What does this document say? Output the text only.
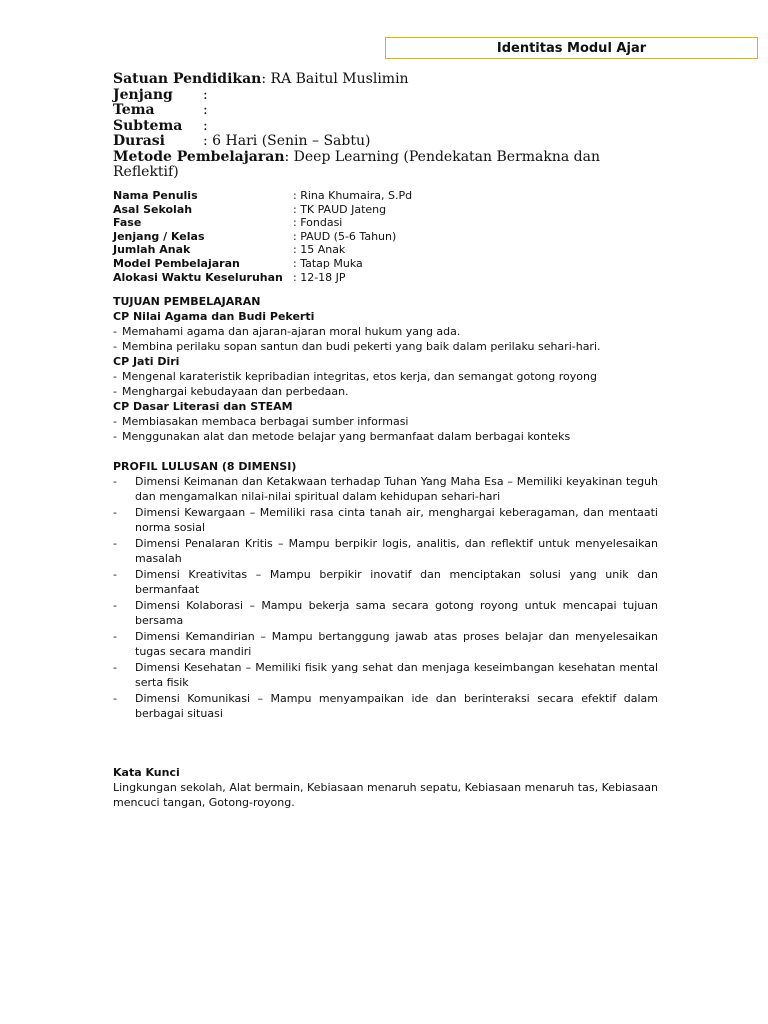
Identitas Modul Ajar
Satuan Pendidikan : RA Baitul Muslimin
Jenjang	:
Tema	:
Subtema	:
Durasi	: 6 Hari (Senin – Sabtu)
Metode Pembelajaran: Deep Learning (Pendekatan Bermakna dan Reflektif)
Nama Penulis	: Rina Khumaira, S.Pd
Asal Sekolah	: TK PAUD Jateng
Fase	: Fondasi
Jenjang / Kelas	: PAUD (5-6 Tahun)
Jumlah Anak	: 15 Anak
Model Pembelajaran	: Tatap Muka
Alokasi Waktu Keseluruhan : 12-18 JP
TUJUAN PEMBELAJARAN
CP Nilai Agama dan Budi Pekerti
- Memahami agama dan ajaran-ajaran moral hukum yang ada.
- Membina perilaku sopan santun dan budi pekerti yang baik dalam perilaku sehari-hari.
CP Jati Diri
- Mengenal karateristik kepribadian integritas, etos kerja, dan semangat gotong royong
- Menghargai kebudayaan dan perbedaan.
CP Dasar Literasi dan STEAM
- Membiasakan membaca berbagai sumber informasi
- Menggunakan alat dan metode belajar yang bermanfaat dalam berbagai konteks
PROFIL LULUSAN (8 DIMENSI)
-	Dimensi Keimanan dan Ketakwaan terhadap Tuhan Yang Maha Esa – Memiliki keyakinan teguh dan mengamalkan nilai-nilai spiritual dalam kehidupan sehari-hari
-	Dimensi Kewargaan – Memiliki rasa cinta tanah air, menghargai keberagaman, dan mentaati norma sosial
-	Dimensi Penalaran Kritis – Mampu berpikir logis, analitis, dan reflektif untuk menyelesaikan masalah
-	Dimensi Kreativitas – Mampu berpikir inovatif dan menciptakan solusi yang unik dan bermanfaat
-	Dimensi Kolaborasi – Mampu bekerja sama secara gotong royong untuk mencapai tujuan bersama
-	Dimensi Kemandirian – Mampu bertanggung jawab atas proses belajar dan menyelesaikan tugas secara mandiri
-	Dimensi Kesehatan – Memiliki fisik yang sehat dan menjaga keseimbangan kesehatan mental serta fisik
-	Dimensi Komunikasi – Mampu menyampaikan ide dan berinteraksi secara efektif dalam berbagai situasi
Kata Kunci

Lingkungan sekolah, Alat bermain, Kebiasaan menaruh sepatu, Kebiasaan menaruh tas, Kebiasaan mencuci tangan, Gotong-royong.
